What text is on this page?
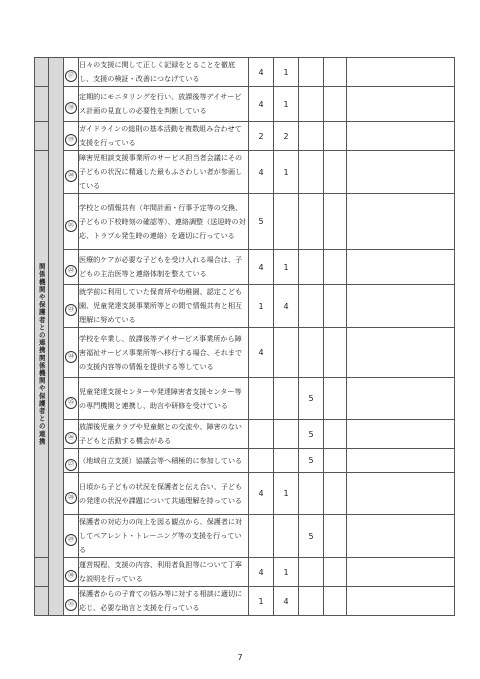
		⑰	日々の支援に関して正しく記録をとることを徹底し、支援の検証・改善につなげている	4	1			
		⑱	定期的にモニタリングを行い、放課後等デイサービス計画の見直しの必要性を判断している	4	1			
		⑲	ガイドラインの総則の基本活動を複数組み合わせて支援を行っている	2	2			

関係機関や保護者との連携関係機関や保護者との連携		⑳	障害児相談支援事業所のサービス担当者会議にその子どもの状況に精通した最もふさわしい者が参画している	4	1			
		㉑	学校との情報共有（年間計画・行事予定等の交換、子どもの下校時刻の確認等）、連絡調整（送迎時の対応、トラブル発生時の連絡）を適切に行っている	5				
		㉒	医療的ケアが必要な子どもを受け入れる場合は、子どもの主治医等と連絡体制を整えている	4	1			
		㉓	就学前に利用していた保育所や幼稚園、認定こども園、児童発達支援事業所等との間で情報共有と相互理解に努めている	1	4			
		㉔	学校を卒業し、放課後等デイサービス事業所から障害福祉サービス事業所等へ移行する場合、それまでの支援内容等の情報を提供する等している	4				
		㉕	児童発達支援センターや発達障害者支援センター等の専門機関と連携し、助言や研修を受けている			5		
		㉖	放課後児童クラブや児童館との交流や、障害のない子どもと活動する機会がある			5		
		㉗	（地域自立支援）協議会等へ積極的に参加している			5		
		㉘	日頃から子どもの状況を保護者と伝え合い、子どもの発達の状況や課題について共通理解を持っている	4	1			
		㉙	保護者の対応力の向上を図る観点から、保護者に対してペアレント・トレーニング等の支援を行っている			5		
		㉚	運営規程、支援の内容、利用者負担等について丁寧な説明を行っている	4	1			
		㉛	保護者からの子育ての悩み等に対する相談に適切に応じ、必要な助言と支援を行っている	1	4			
7
